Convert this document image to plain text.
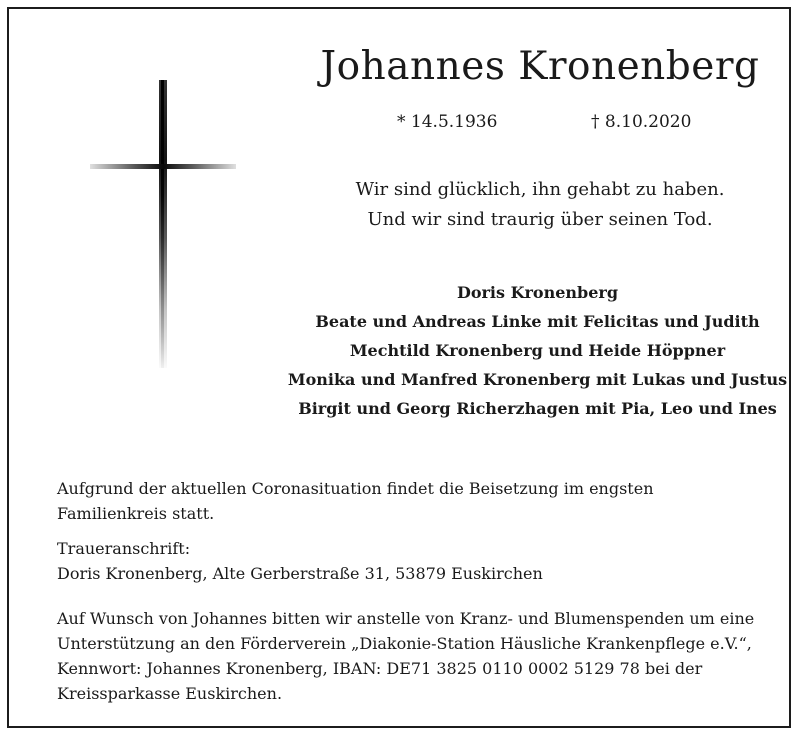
Johannes Kronenberg
* 14.5.1936	† 8.10.2020
Wir sind glücklich, ihn gehabt zu haben.
Und wir sind traurig über seinen Tod.
Doris Kronenberg
Beate und Andreas Linke mit Felicitas und Judith
Mechtild Kronenberg und Heide Höppner
Monika und Manfred Kronenberg mit Lukas und Justus
Birgit und Georg Richerzhagen mit Pia, Leo und Ines
Aufgrund der aktuellen Coronasituation findet die Beisetzung im engsten
Familienkreis statt.
Traueranschrift:
Doris Kronenberg, Alte Gerberstraße 31, 53879 Euskirchen
Auf Wunsch von Johannes bitten wir anstelle von Kranz- und Blumenspenden um eine
Unterstützung an den Förderverein „Diakonie-Station Häusliche Krankenpflege e.V.“,
Kennwort: Johannes Kronenberg, IBAN: DE71 3825 0110 0002 5129 78 bei der
Kreissparkasse Euskirchen.
